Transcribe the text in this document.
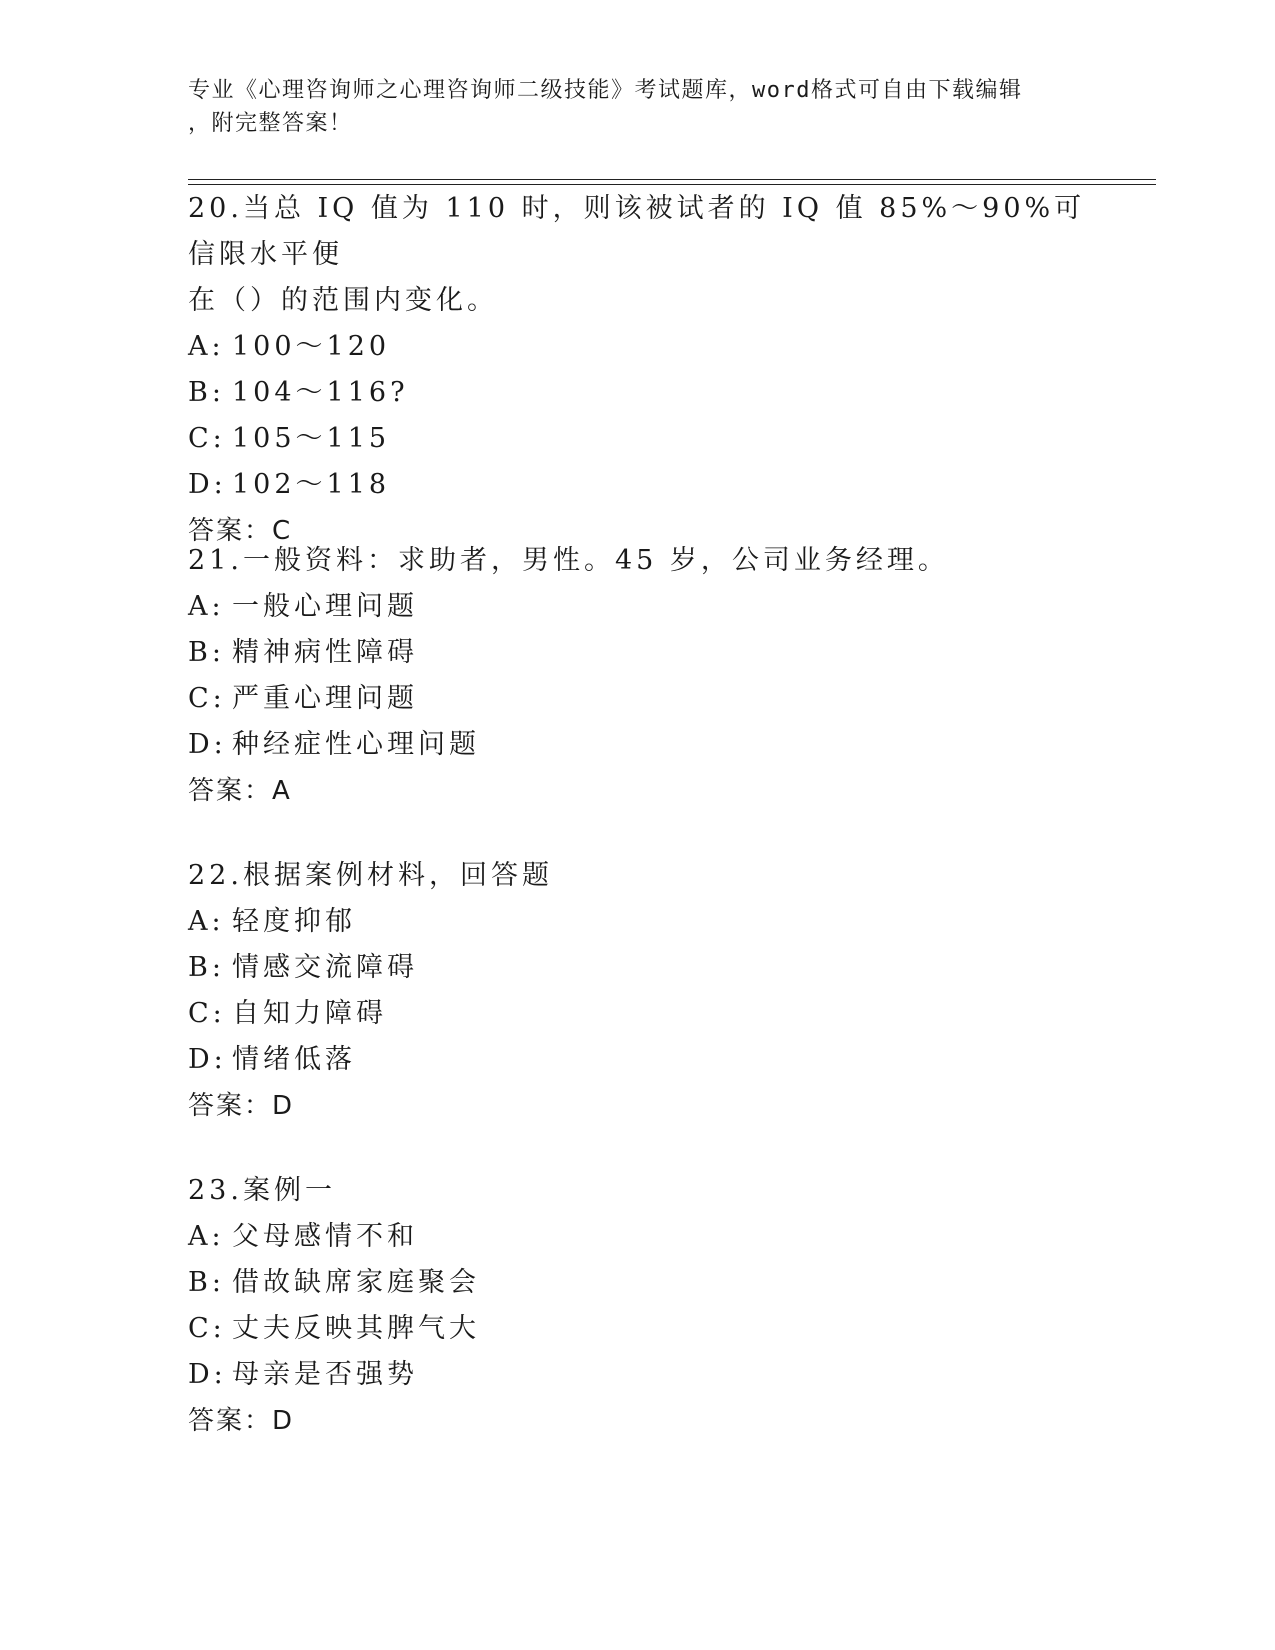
专业《心理咨询师之心理咨询师二级技能》考试题库，word格式可自由下载编辑
，附完整答案！
20.当总 IQ 值为 110 时，则该被试者的 IQ 值 85%～90%可信限水平便
在（）的范围内变化。
A: 100～120
B: 104～116?
C: 105～115
D: 102～118
答案：C
21.一般资料：求助者，男性。45 岁，公司业务经理。
A: 一般心理问题
B: 精神病性障碍
C: 严重心理问题
D: 种经症性心理问题
答案：A
22.根据案例材料，回答题
A: 轻度抑郁
B: 情感交流障碍
C: 自知力障碍
D: 情绪低落
答案：D
23.案例一
A: 父母感情不和
B: 借故缺席家庭聚会
C: 丈夫反映其脾气大
D: 母亲是否强势
答案：D
